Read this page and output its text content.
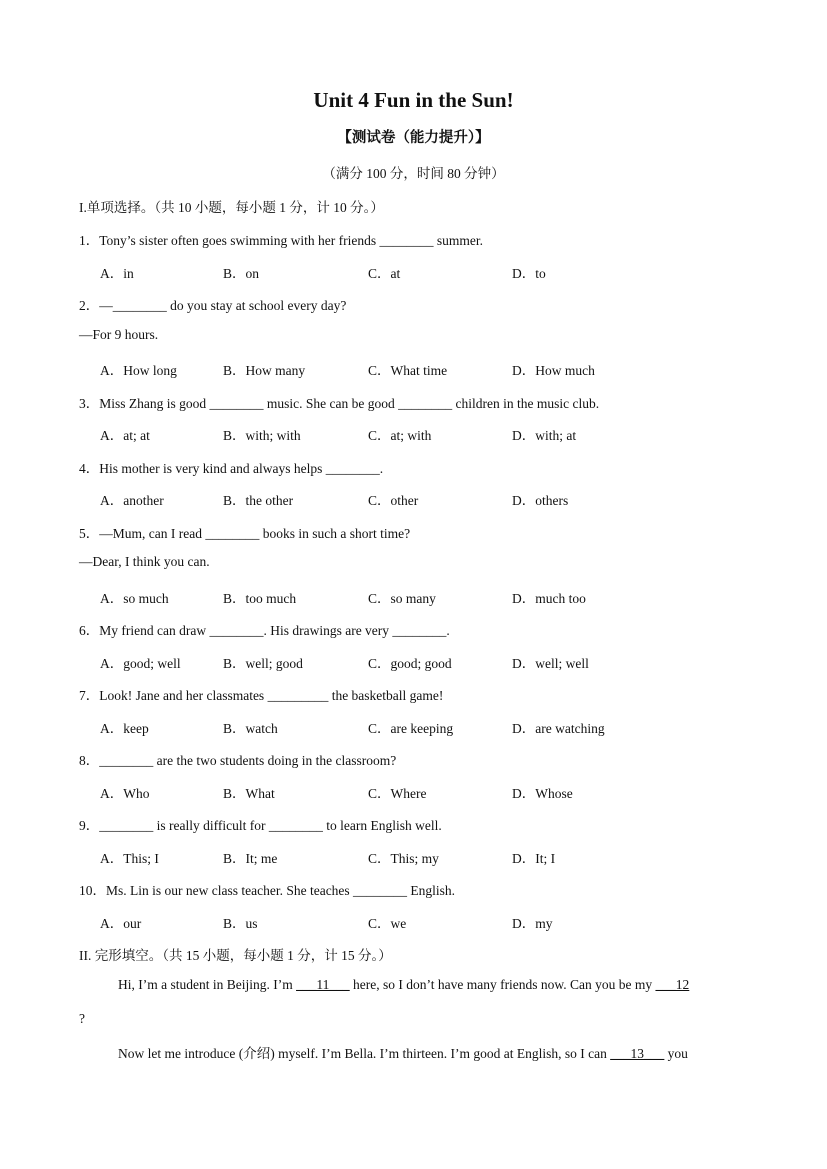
Unit 4 Fun in the Sun!
【测试卷（能力提升）】
（满分 100 分，时间 80 分钟）
I.单项选择。（共 10 小题，每小题 1 分，计 10 分。）
1．Tony’s sister often goes swimming with her friends ________ summer.
A．in	B．on	C．at	D．to
2．—________ do you stay at school every day?
—For 9 hours.
A．How long	B．How many	C．What time	D．How much
3．Miss Zhang is good ________ music. She can be good ________ children in the music club.
A．at; at	B．with; with	C．at; with	D．with; at
4．His mother is very kind and always helps ________.
A．another	B．the other	C．other	D．others
5．—Mum, can I read ________ books in such a short time?
—Dear, I think you can.
A．so much	B．too much	C．so many	D．much too
6．My friend can draw ________. His drawings are very ________.
A．good; well	B．well; good	C．good; good	D．well; well
7．Look! Jane and her classmates _________ the basketball game!
A．keep	B．watch	C．are keeping	D．are watching
8．________ are the two students doing in the classroom?
A．Who	B．What	C．Where	D．Whose
9．________ is really difficult for ________ to learn English well.
A．This; I	B．It; me	C．This; my	D．It; I
10．Ms. Lin is our new class teacher. She teaches ________ English.
A．our	B．us	C．we	D．my
II. 完形填空。（共 15 小题，每小题 1 分，计 15 分。）
Hi, I’m a student in Beijing. I’m ___11___ here, so I don’t have many friends now. Can you be my ___12
?
Now let me introduce (介绍) myself. I’m Bella. I’m thirteen. I’m good at English, so I can ___13___ you
